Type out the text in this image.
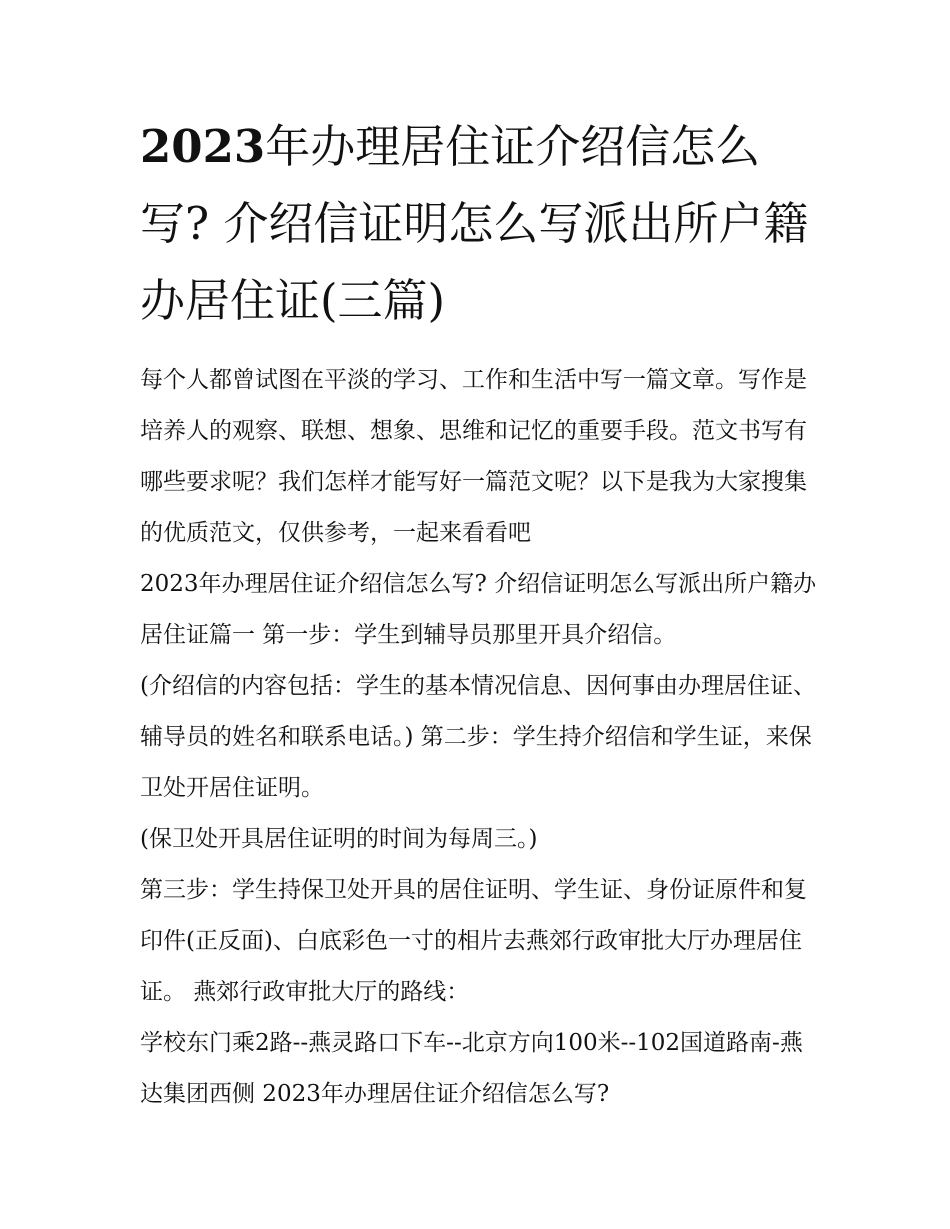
2023年办理居住证介绍信怎么写? 介绍信证明怎么写派出所户籍办居住证(三篇)

每个人都曾试图在平淡的学习、工作和生活中写一篇文章。写作是培养人的观察、联想、想象、思维和记忆的重要手段。范文书写有哪些要求呢？我们怎样才能写好一篇范文呢？以下是我为大家搜集的优质范文，仅供参考，一起来看看吧

2023年办理居住证介绍信怎么写? 介绍信证明怎么写派出所户籍办居住证篇一 第一步：学生到辅导员那里开具介绍信。

(介绍信的内容包括：学生的基本情况信息、因何事由办理居住证、辅导员的姓名和联系电话。) 第二步：学生持介绍信和学生证，来保卫处开居住证明。

(保卫处开具居住证明的时间为每周三。)

第三步：学生持保卫处开具的居住证明、学生证、身份证原件和复印件(正反面)、白底彩色一寸的相片去燕郊行政审批大厅办理居住证。 燕郊行政审批大厅的路线：

学校东门乘2路--燕灵路口下车--北京方向100米--102国道路南-燕达集团西侧 2023年办理居住证介绍信怎么写?
